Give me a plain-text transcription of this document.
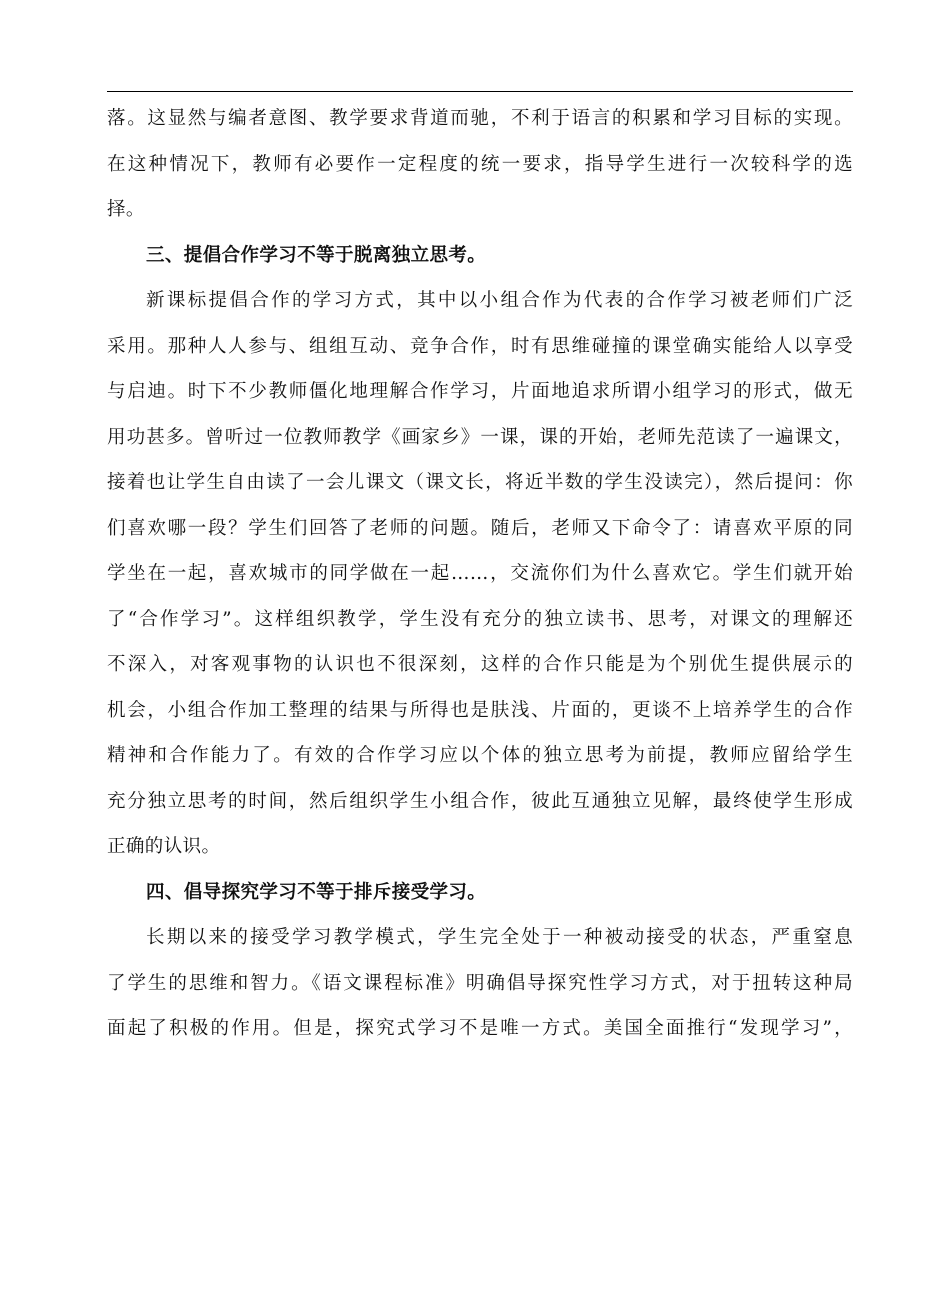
落。这显然与编者意图、教学要求背道而驰，不利于语言的积累和学习目标的实现。
在这种情况下，教师有必要作一定程度的统一要求，指导学生进行一次较科学的选
择。
三、提倡合作学习不等于脱离独立思考。
新课标提倡合作的学习方式，其中以小组合作为代表的合作学习被老师们广泛
采用。那种人人参与、组组互动、竞争合作，时有思维碰撞的课堂确实能给人以享受
与启迪。时下不少教师僵化地理解合作学习，片面地追求所谓小组学习的形式，做无
用功甚多。曾听过一位教师教学《画家乡》一课，课的开始，老师先范读了一遍课文，
接着也让学生自由读了一会儿课文（课文长，将近半数的学生没读完），然后提问：你
们喜欢哪一段？学生们回答了老师的问题。随后，老师又下命令了：请喜欢平原的同
学坐在一起，喜欢城市的同学做在一起……，交流你们为什么喜欢它。学生们就开始
了“合作学习”。这样组织教学，学生没有充分的独立读书、思考，对课文的理解还
不深入，对客观事物的认识也不很深刻，这样的合作只能是为个别优生提供展示的
机会，小组合作加工整理的结果与所得也是肤浅、片面的，更谈不上培养学生的合作
精神和合作能力了。有效的合作学习应以个体的独立思考为前提，教师应留给学生
充分独立思考的时间，然后组织学生小组合作，彼此互通独立见解，最终使学生形成
正确的认识。
四、倡导探究学习不等于排斥接受学习。
长期以来的接受学习教学模式，学生完全处于一种被动接受的状态，严重窒息
了学生的思维和智力。《语文课程标准》明确倡导探究性学习方式，对于扭转这种局
面起了积极的作用。但是，探究式学习不是唯一方式。美国全面推行“发现学习”，
